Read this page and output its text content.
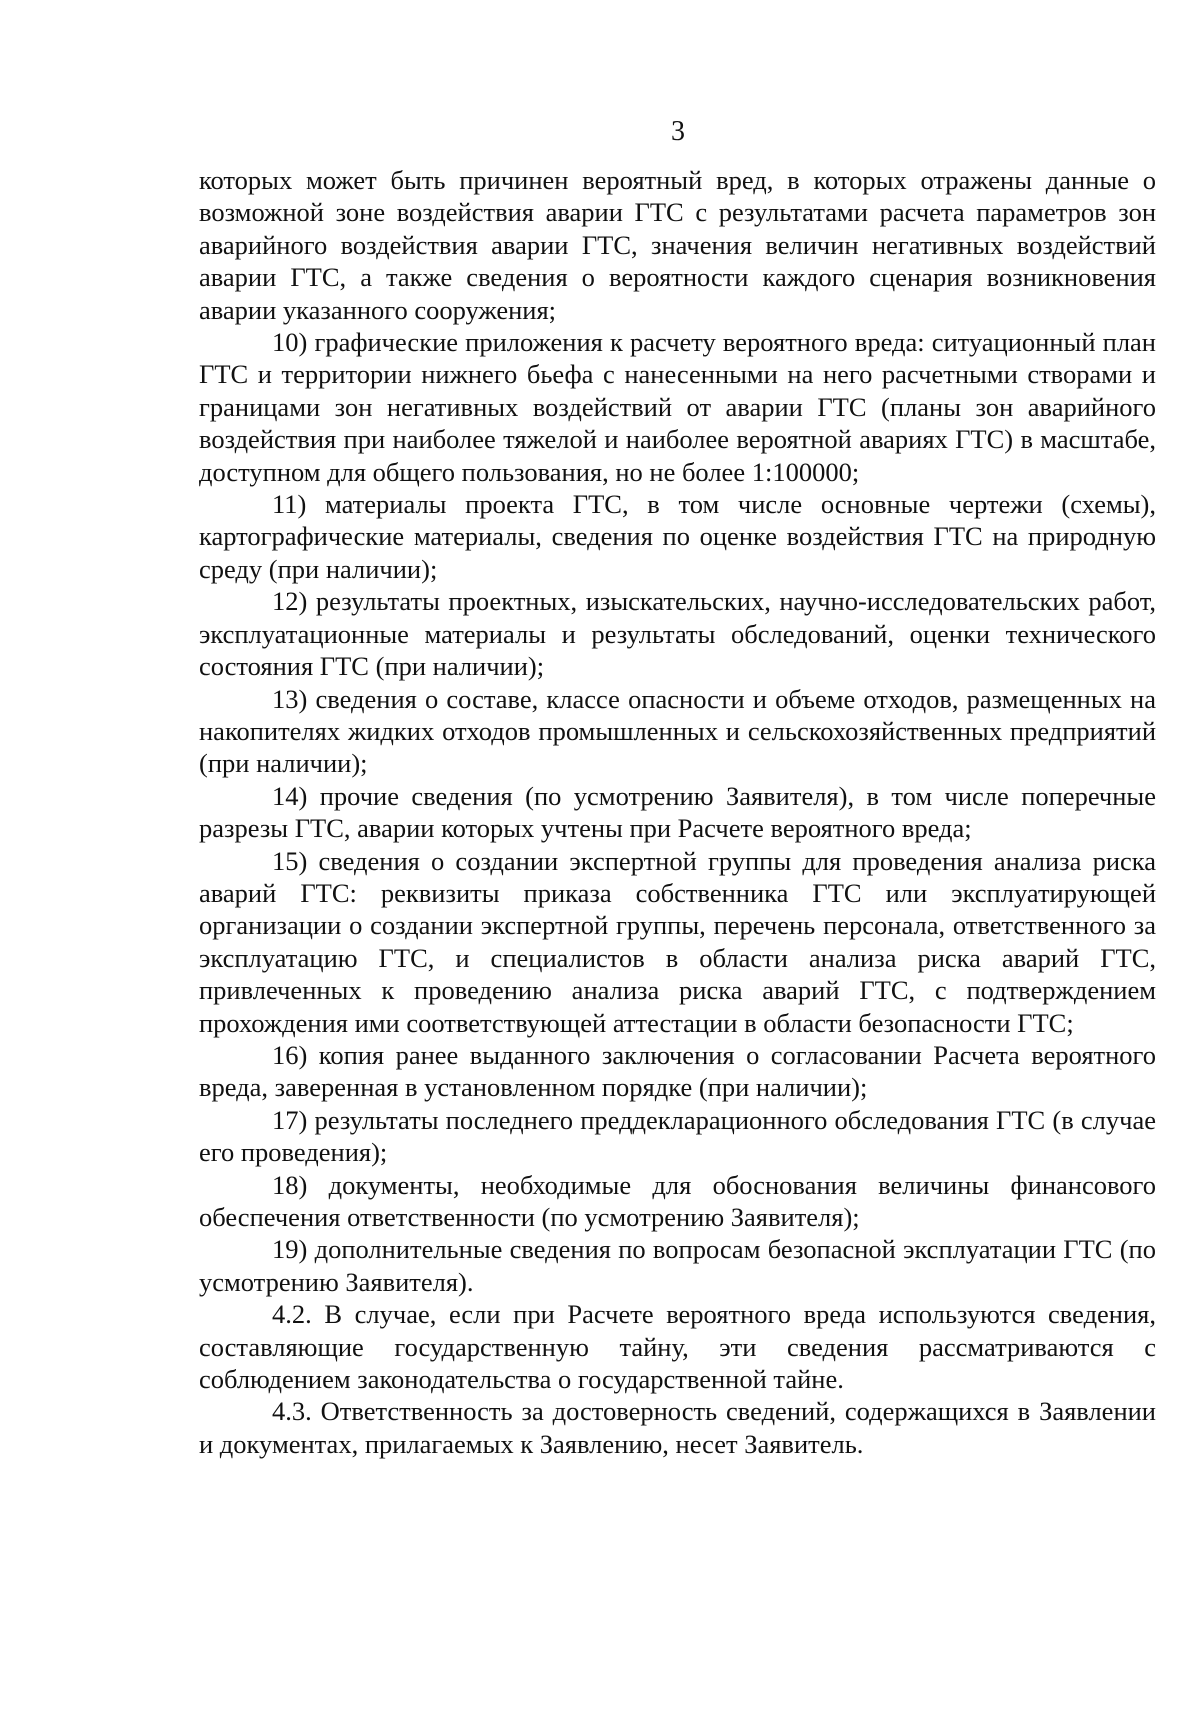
3

которых может быть причинен вероятный вред, в которых отражены данные о возможной зоне воздействия аварии ГТС с результатами расчета параметров зон аварийного воздействия аварии ГТС, значения величин негативных воздействий аварии ГТС, а также сведения о вероятности каждого сценария возникновения аварии указанного сооружения;

10) графические приложения к расчету вероятного вреда: ситуационный план ГТС и территории нижнего бьефа с нанесенными на него расчетными створами и границами зон негативных воздействий от аварии ГТС (планы зон аварийного воздействия при наиболее тяжелой и наиболее вероятной авариях ГТС) в масштабе, доступном для общего пользования, но не более 1:100000;

11) материалы проекта ГТС, в том числе основные чертежи (схемы), картографические материалы, сведения по оценке воздействия ГТС на природную среду (при наличии);

12) результаты проектных, изыскательских, научно-исследовательских работ, эксплуатационные материалы и результаты обследований, оценки технического состояния ГТС (при наличии);

13) сведения о составе, классе опасности и объеме отходов, размещенных на накопителях жидких отходов промышленных и сельскохозяйственных предприятий (при наличии);

14) прочие сведения (по усмотрению Заявителя), в том числе поперечные разрезы ГТС, аварии которых учтены при Расчете вероятного вреда;

15) сведения о создании экспертной группы для проведения анализа риска аварий ГТС: реквизиты приказа собственника ГТС или эксплуатирующей организации о создании экспертной группы, перечень персонала, ответственного за эксплуатацию ГТС, и специалистов в области анализа риска аварий ГТС, привлеченных к проведению анализа риска аварий ГТС, с подтверждением прохождения ими соответствующей аттестации в области безопасности ГТС;

16) копия ранее выданного заключения о согласовании Расчета вероятного вреда, заверенная в установленном порядке (при наличии);

17) результаты последнего преддекларационного обследования ГТС (в случае его проведения);

18) документы, необходимые для обоснования величины финансового обеспечения ответственности (по усмотрению Заявителя);

19) дополнительные сведения по вопросам безопасной эксплуатации ГТС (по усмотрению Заявителя).

4.2. В случае, если при Расчете вероятного вреда используются сведения, составляющие государственную тайну, эти сведения рассматриваются с соблюдением законодательства о государственной тайне.

4.3. Ответственность за достоверность сведений, содержащихся в Заявлении и документах, прилагаемых к Заявлению, несет Заявитель.
